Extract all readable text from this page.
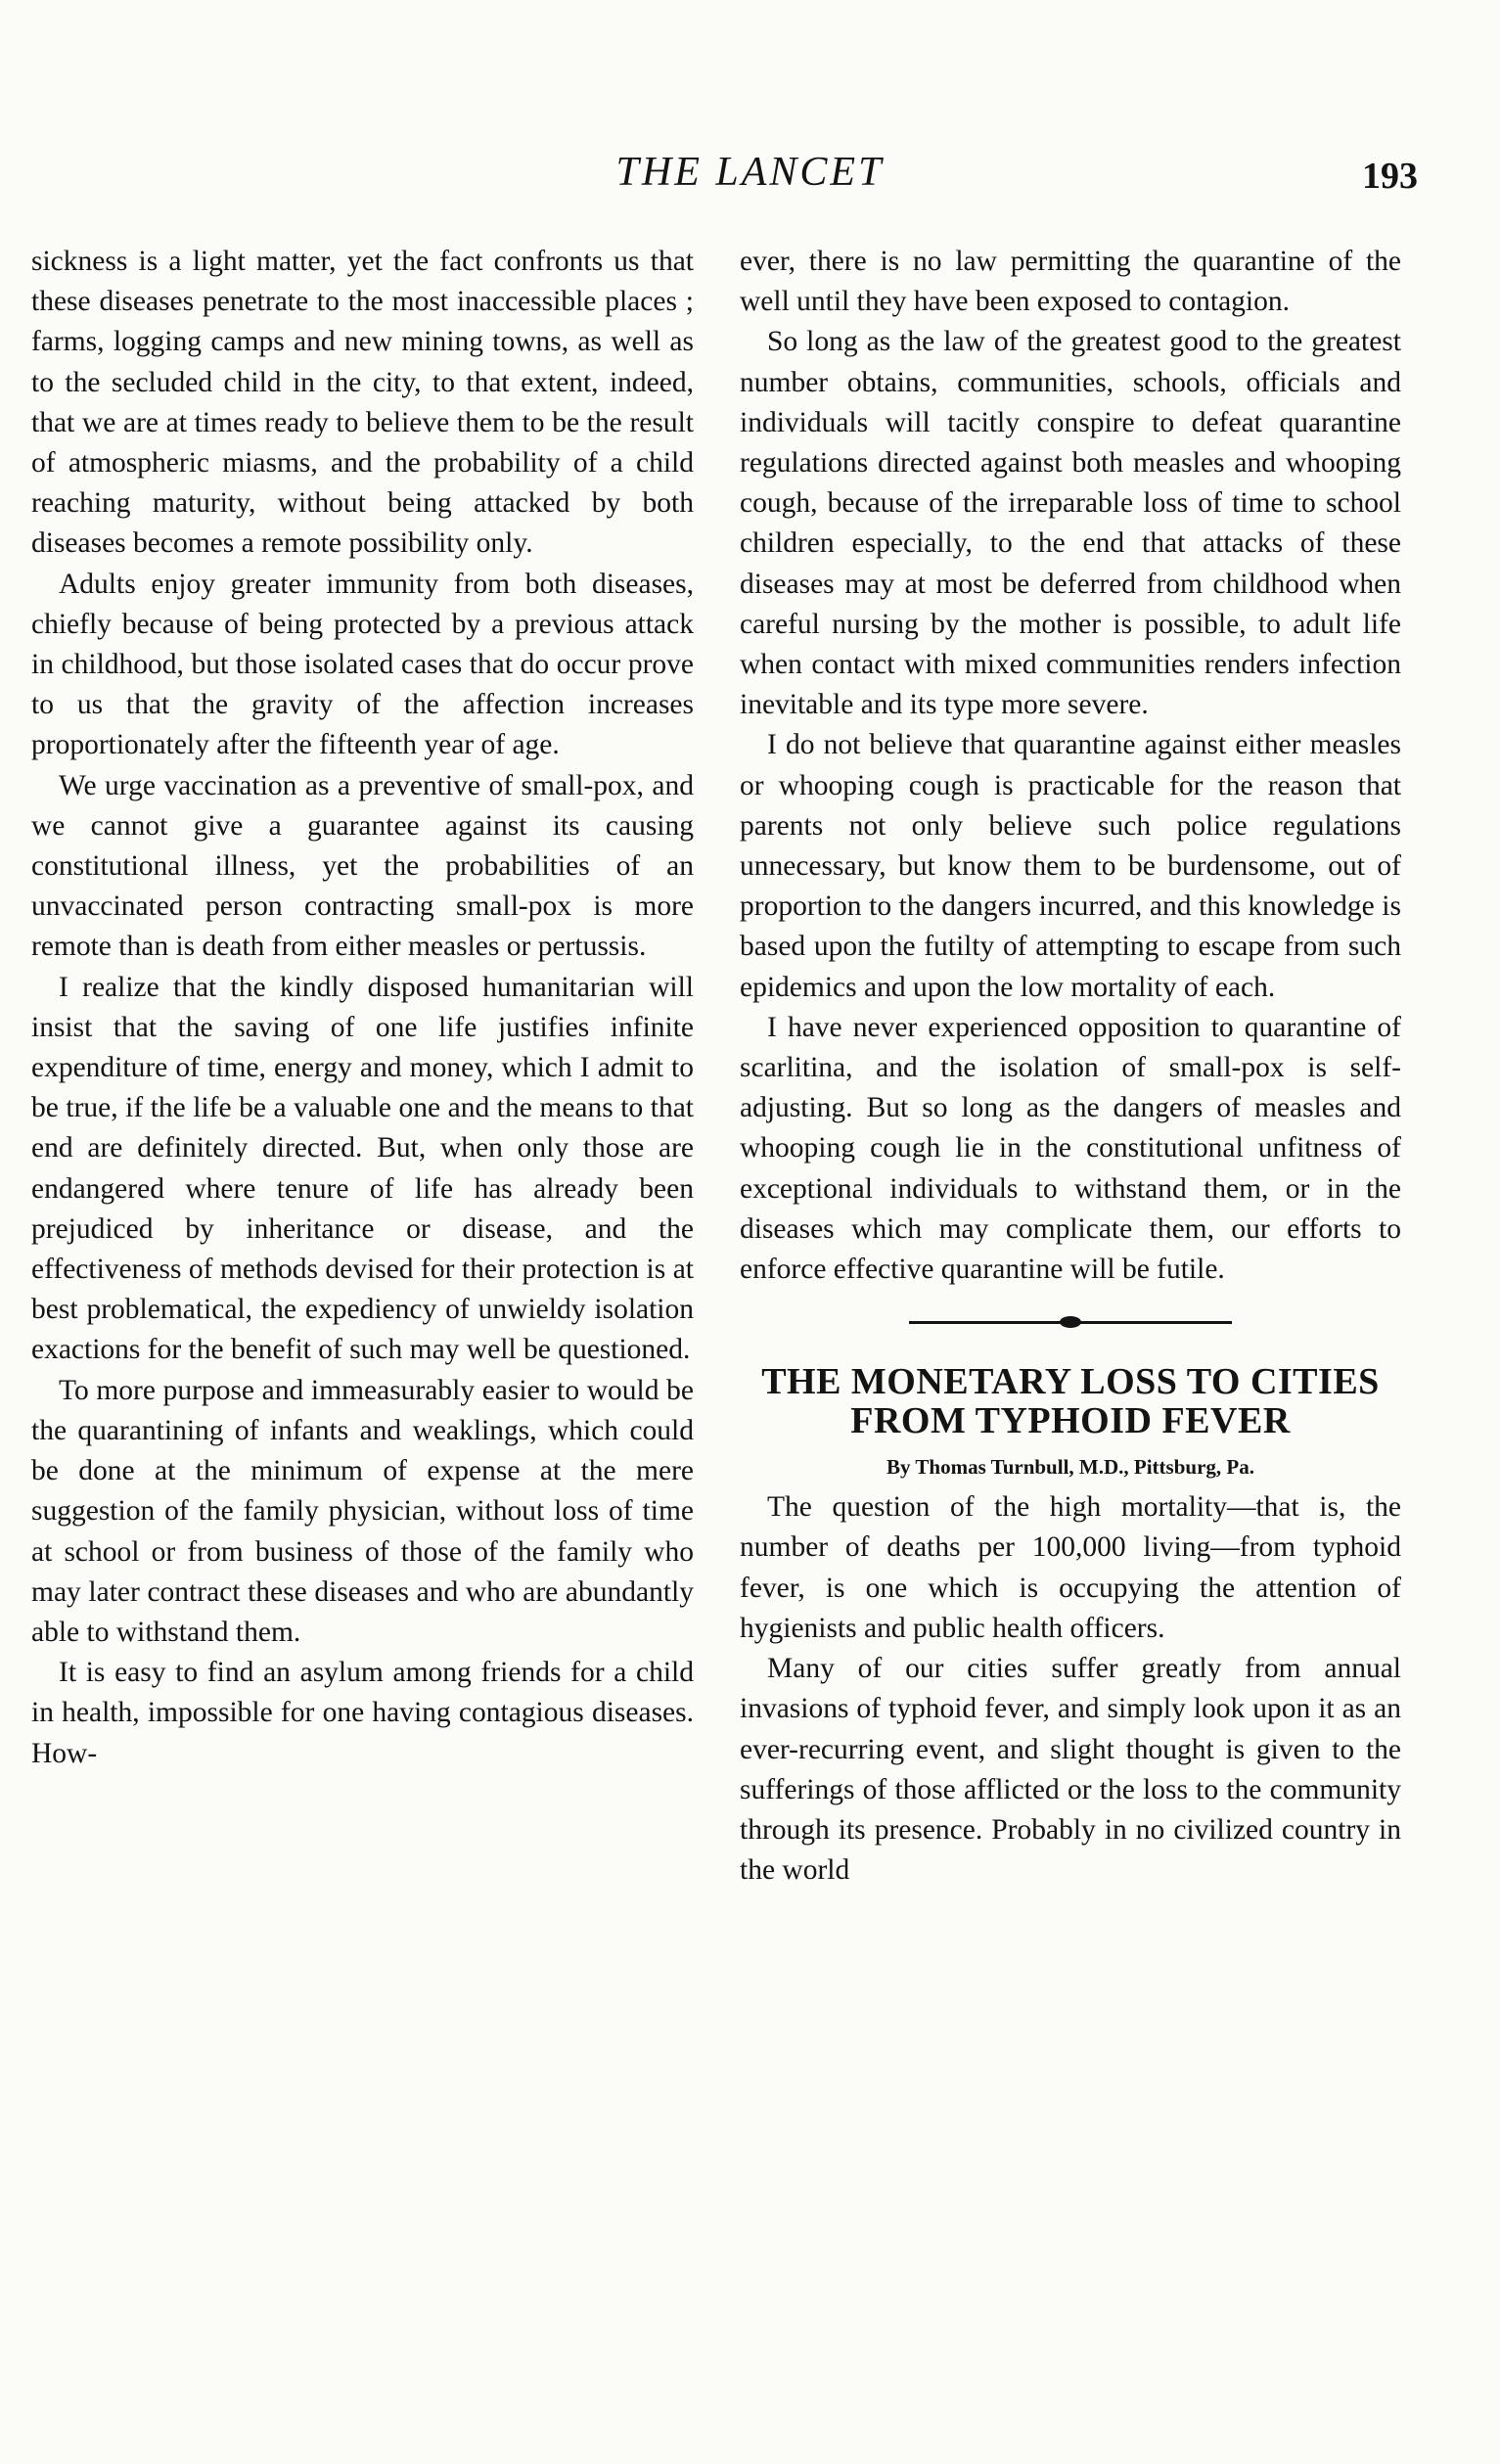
THE LANCET	193

sickness is a light matter, yet the fact confronts us that these diseases penetrate to the most inaccessible places ; farms, logging camps and new mining towns, as well as to the secluded child in the city, to that extent, indeed, that we are at times ready to believe them to be the result of atmospheric miasms, and the probability of a child reaching maturity, without being attacked by both diseases becomes a remote possibility only.

Adults enjoy greater immunity from both diseases, chiefly because of being protected by a previous attack in childhood, but those isolated cases that do occur prove to us that the gravity of the affection increases proportionately after the fifteenth year of age.

We urge vaccination as a preventive of small-pox, and we cannot give a guarantee against its causing constitutional illness, yet the probabilities of an unvaccinated person contracting small-pox is more remote than is death from either measles or pertussis.

I realize that the kindly disposed humanitarian will insist that the saving of one life justifies infinite expenditure of time, energy and money, which I admit to be true, if the life be a valuable one and the means to that end are definitely directed. But, when only those are endangered where tenure of life has already been prejudiced by inheritance or disease, and the effectiveness of methods devised for their protection is at best problematical, the expediency of unwieldy isolation exactions for the benefit of such may well be questioned.

To more purpose and immeasurably easier to would be the quarantining of infants and weaklings, which could be done at the minimum of expense at the mere suggestion of the family physician, without loss of time at school or from business of those of the family who may later contract these diseases and who are abundantly able to withstand them.

It is easy to find an asylum among friends for a child in health, impossible for one having contagious diseases. How-

ever, there is no law permitting the quarantine of the well until they have been exposed to contagion.

So long as the law of the greatest good to the greatest number obtains, communities, schools, officials and individuals will tacitly conspire to defeat quarantine regulations directed against both measles and whooping cough, because of the irreparable loss of time to school children especially, to the end that attacks of these diseases may at most be deferred from childhood when careful nursing by the mother is possible, to adult life when contact with mixed communities renders infection inevitable and its type more severe.

I do not believe that quarantine against either measles or whooping cough is practicable for the reason that parents not only believe such police regulations unnecessary, but know them to be burdensome, out of proportion to the dangers incurred, and this knowledge is based upon the futilty of attempting to escape from such epidemics and upon the low mortality of each.

I have never experienced opposition to quarantine of scarlitina, and the isolation of small-pox is self-adjusting. But so long as the dangers of measles and whooping cough lie in the constitutional unfitness of exceptional individuals to withstand them, or in the diseases which may complicate them, our efforts to enforce effective quarantine will be futile.

THE MONETARY LOSS TO CITIES
FROM TYPHOID FEVER
By Thomas Turnbull, M.D., Pittsburg, Pa.

The question of the high mortality—that is, the number of deaths per 100,000 living—from typhoid fever, is one which is occupying the attention of hygienists and public health officers.

Many of our cities suffer greatly from annual invasions of typhoid fever, and simply look upon it as an ever-recurring event, and slight thought is given to the sufferings of those afflicted or the loss to the community through its presence. Probably in no civilized country in the world
